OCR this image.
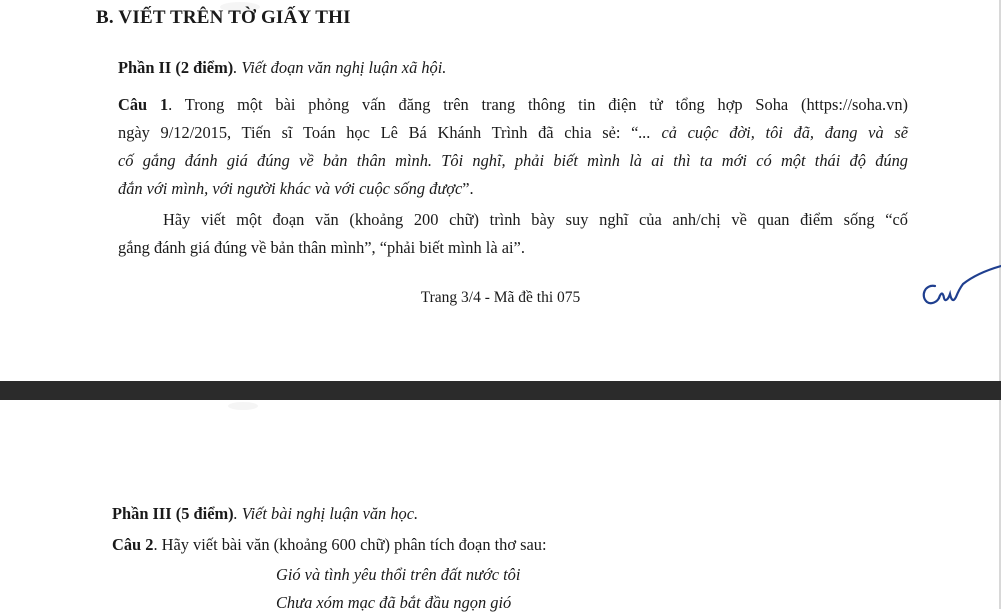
B. VIẾT TRÊN TỜ GIẤY THI
Phần II (2 điểm). Viết đoạn văn nghị luận xã hội.
Câu 1. Trong một bài phỏng vấn đăng trên trang thông tin điện tử tổng hợp Soha (https://soha.vn)
ngày 9/12/2015, Tiến sĩ Toán học Lê Bá Khánh Trình đã chia sẻ: “... cả cuộc đời, tôi đã, đang và sẽ
cố gắng đánh giá đúng về bản thân mình. Tôi nghĩ, phải biết mình là ai thì ta mới có một thái độ đúng
đắn với mình, với người khác và với cuộc sống được”.
Hãy viết một đoạn văn (khoảng 200 chữ) trình bày suy nghĩ của anh/chị về quan điểm sống “cố
gắng đánh giá đúng về bản thân mình”, “phải biết mình là ai”.
Trang 3/4 - Mã đề thi 075
Phần III (5 điểm). Viết bài nghị luận văn học.
Câu 2. Hãy viết bài văn (khoảng 600 chữ) phân tích đoạn thơ sau:
Gió và tình yêu thổi trên đất nước tôi
Chưa xóm mạc đã bắt đầu ngọn gió
